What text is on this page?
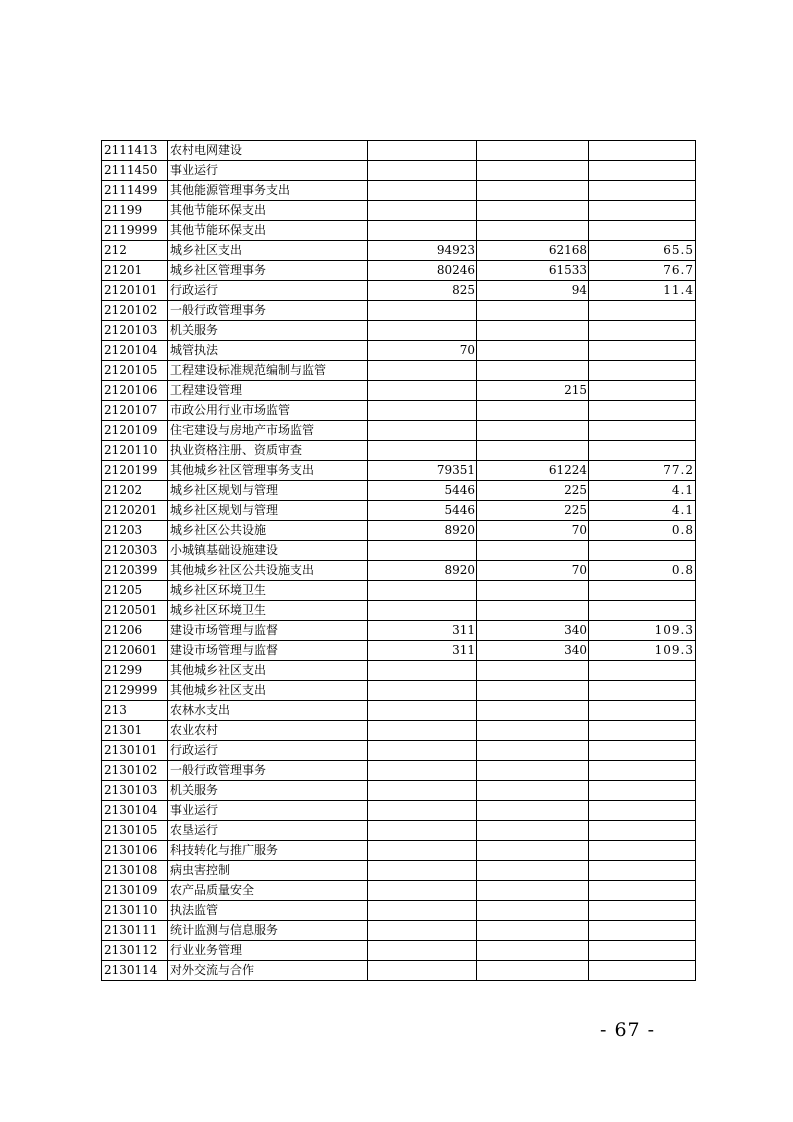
2111413	农村电网建设			
2111450	事业运行			
2111499	其他能源管理事务支出			
21199	其他节能环保支出			
2119999	其他节能环保支出			
212	城乡社区支出	94923	62168	65.5
21201	城乡社区管理事务	80246	61533	76.7
2120101	行政运行	825	94	11.4
2120102	一般行政管理事务			
2120103	机关服务			
2120104	城管执法	70		
2120105	工程建设标准规范编制与监管			
2120106	工程建设管理		215	
2120107	市政公用行业市场监管			
2120109	住宅建设与房地产市场监管			
2120110	执业资格注册、资质审查			
2120199	其他城乡社区管理事务支出	79351	61224	77.2
21202	城乡社区规划与管理	5446	225	4.1
2120201	城乡社区规划与管理	5446	225	4.1
21203	城乡社区公共设施	8920	70	0.8
2120303	小城镇基础设施建设			
2120399	其他城乡社区公共设施支出	8920	70	0.8
21205	城乡社区环境卫生			
2120501	城乡社区环境卫生			
21206	建设市场管理与监督	311	340	109.3
2120601	建设市场管理与监督	311	340	109.3
21299	其他城乡社区支出			
2129999	其他城乡社区支出			
213	农林水支出			
21301	农业农村			
2130101	行政运行			
2130102	一般行政管理事务			
2130103	机关服务			
2130104	事业运行			
2130105	农垦运行			
2130106	科技转化与推广服务			
2130108	病虫害控制			
2130109	农产品质量安全			
2130110	执法监管			
2130111	统计监测与信息服务			
2130112	行业业务管理			
2130114	对外交流与合作			
- 67 -
